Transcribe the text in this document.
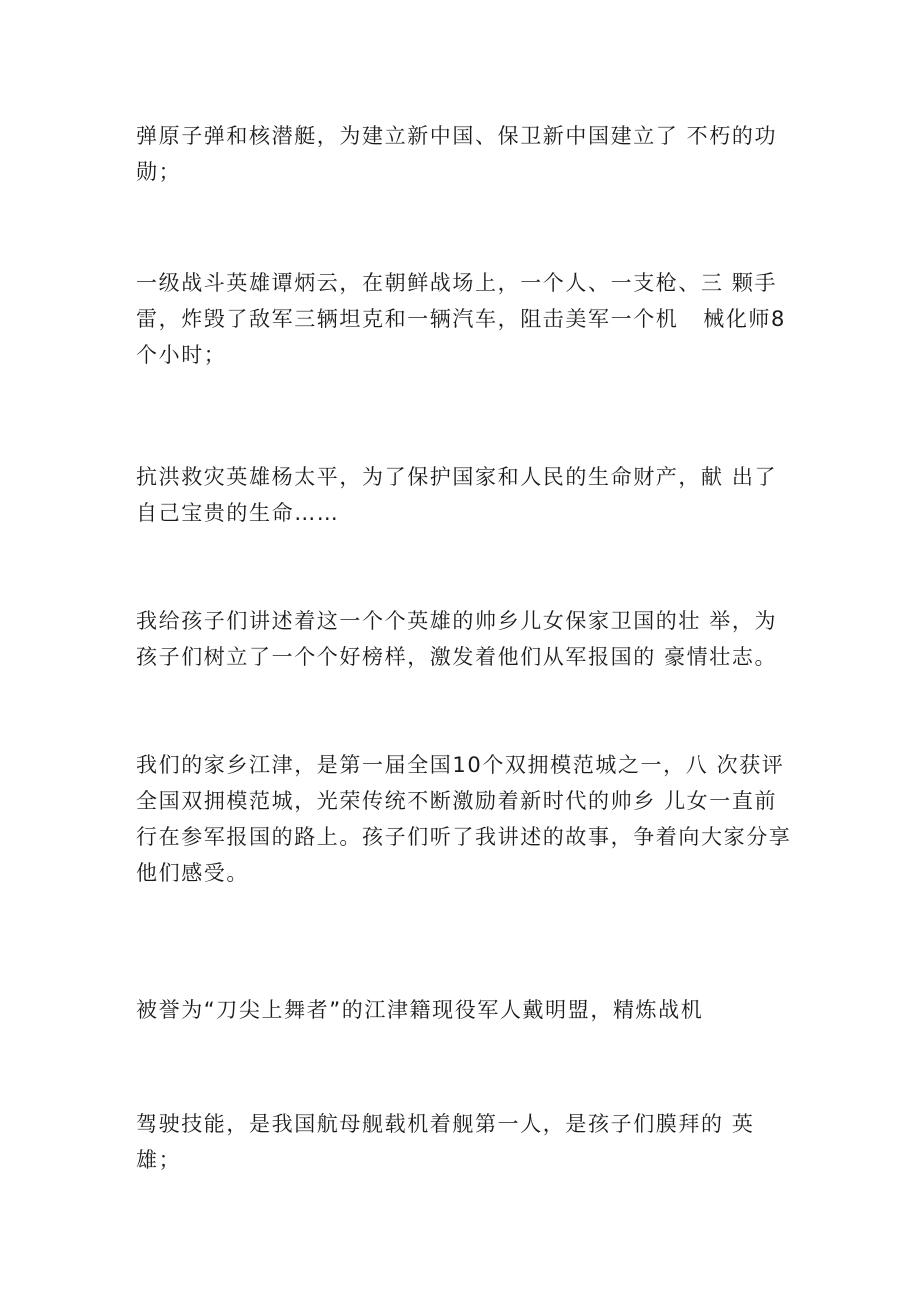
弹原子弹和核潜艇，为建立新中国、保卫新中国建立了 不朽的功
勋；

一级战斗英雄谭炳云，在朝鲜战场上，一个人、一支枪、三 颗手
雷，炸毁了敌军三辆坦克和一辆汽车，阻击美军一个机   械化师8
个小时；

抗洪救灾英雄杨太平，为了保护国家和人民的生命财产，献 出了
自己宝贵的生命……

我给孩子们讲述着这一个个英雄的帅乡儿女保家卫国的壮 举，为
孩子们树立了一个个好榜样，激发着他们从军报国的 豪情壮志。

我们的家乡江津，是第一届全国10个双拥模范城之一，八 次获评
全国双拥模范城，光荣传统不断激励着新时代的帅乡 儿女一直前
行在参军报国的路上。孩子们听了我讲述的故事，争着向大家分享
他们感受。

被誉为“刀尖上舞者”的江津籍现役军人戴明盟，精炼战机

驾驶技能，是我国航母舰载机着舰第一人，是孩子们膜拜的 英
雄；
